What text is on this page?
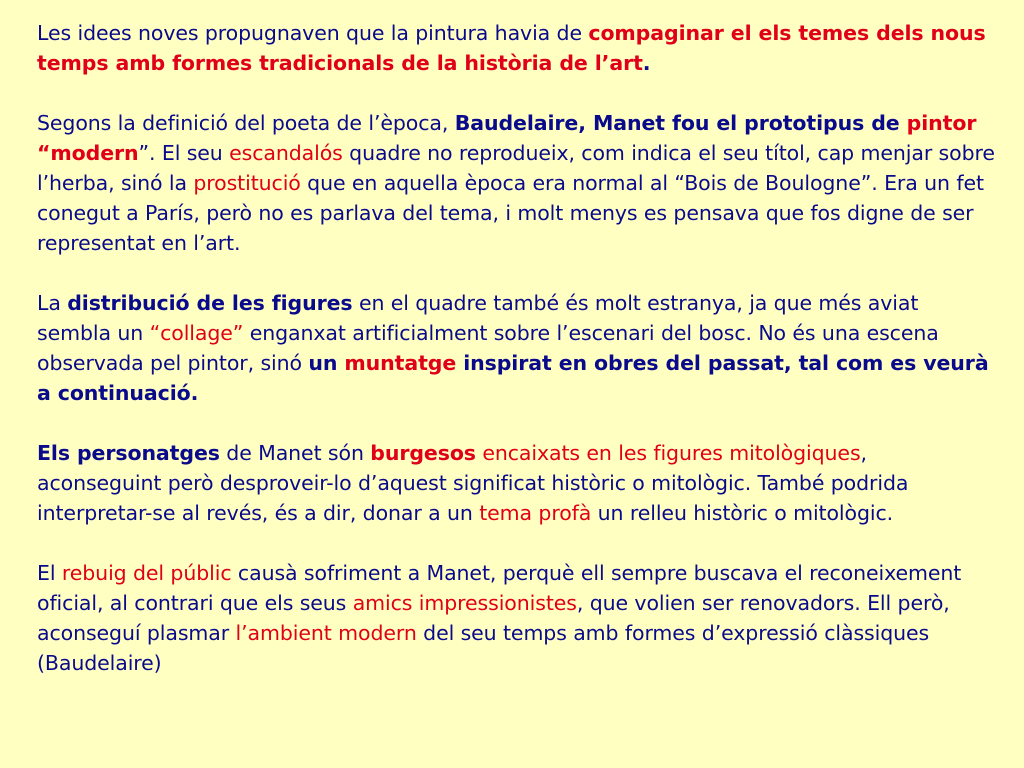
Les idees noves propugnaven que la pintura havia de compaginar el els temes dels nous temps amb formes tradicionals de la història de l’art.

Segons la definició del poeta de l’època, Baudelaire, Manet fou el prototipus de pintor “modern”. El seu escandalós quadre no reprodueix, com indica el seu títol, cap menjar sobre l’herba, sinó la prostitució que en aquella època era normal al “Bois de Boulogne”. Era un fet conegut a París, però no es parlava del tema, i molt menys es pensava que fos digne de ser representat en l’art.

La distribució de les figures en el quadre també és molt estranya, ja que més aviat sembla un “collage” enganxat artificialment sobre l’escenari del bosc. No és una escena observada pel pintor, sinó un muntatge inspirat en obres del passat, tal com es veurà a continuació.

Els personatges de Manet són burgesos encaixats en les figures mitològiques, aconseguint però desproveir-lo d’aquest significat històric o mitològic. També podrida interpretar-se al revés, és a dir, donar a un tema profà un relleu històric o mitològic.

El rebuig del públic causà sofriment a Manet, perquè ell sempre buscava el reconeixement oficial, al contrari que els seus amics impressionistes, que volien ser renovadors. Ell però, aconseguí plasmar l’ambient modern del seu temps amb formes d’expressió clàssiques (Baudelaire)
